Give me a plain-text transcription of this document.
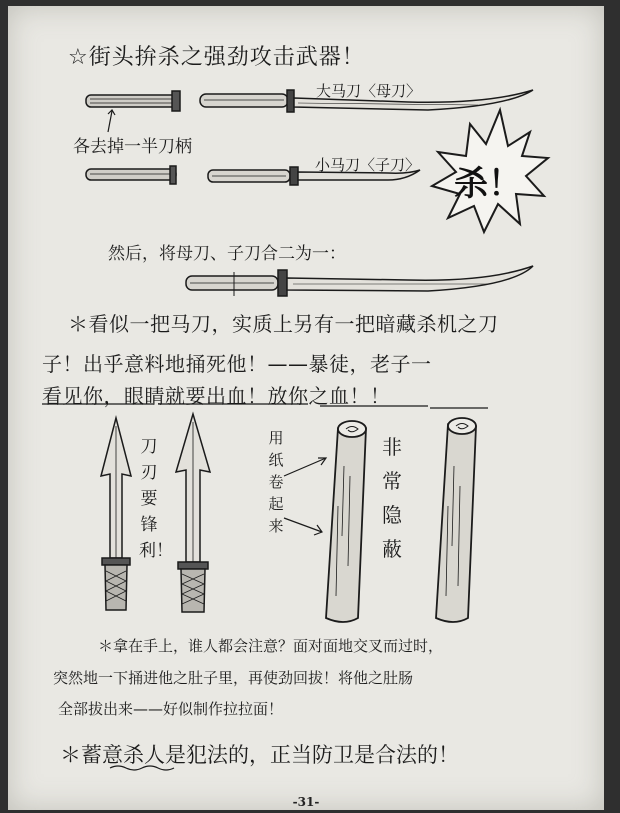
杀！
☆街头拚杀之强劲攻击武器！
大马刀〈母刀〉
各去掉一半刀柄
小马刀〈子刀〉
然后，将母刀、子刀合二为一：
＊看似一把马刀，实质上另有一把暗藏杀机之刀
子！出乎意料地捅死他！——暴徒，老子一
看见你，眼睛就要出血！放你之血！！
刀刃要锋利！
用纸卷起来
非常隐蔽
＊拿在手上，谁人都会注意？面对面地交叉而过时，
突然地一下捅进他之肚子里，再使劲回拔！将他之肚肠
全部拔出来——好似制作拉拉面！
＊蓄意杀人是犯法的，正当防卫是合法的！
-31-
